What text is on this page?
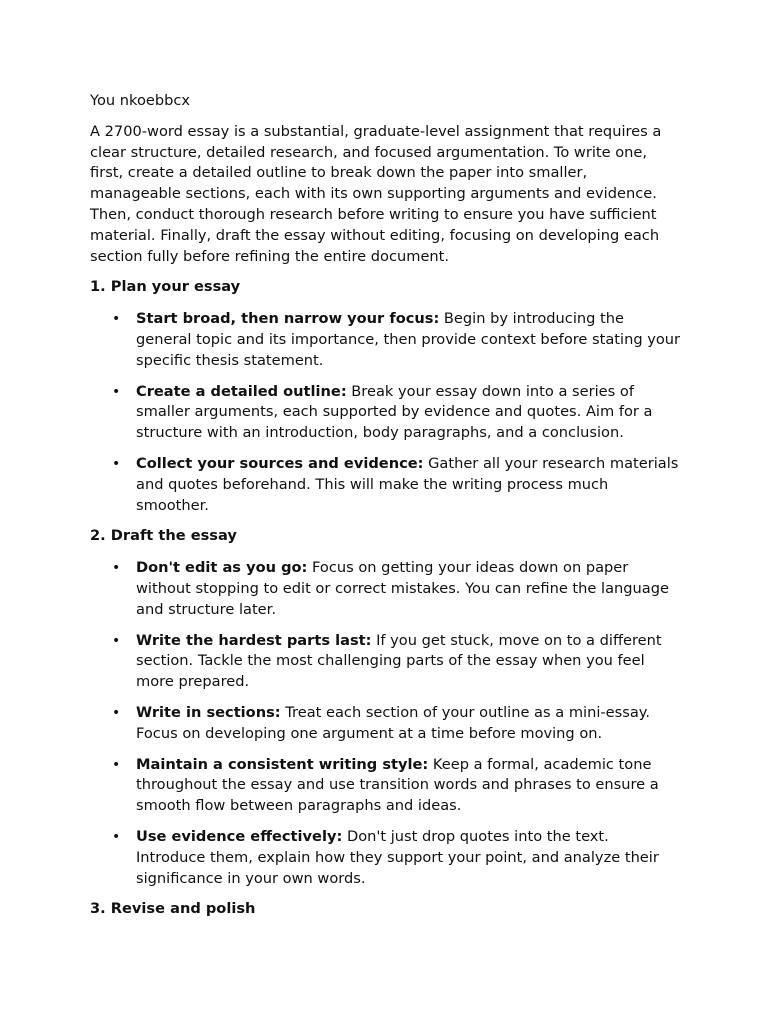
You nkoebbcx

A 2700-word essay is a substantial, graduate-level assignment that requires a clear structure, detailed research, and focused argumentation. To write one, first, create a detailed outline to break down the paper into smaller, manageable sections, each with its own supporting arguments and evidence. Then, conduct thorough research before writing to ensure you have sufficient material. Finally, draft the essay without editing, focusing on developing each section fully before refining the entire document.

1. Plan your essay

• Start broad, then narrow your focus: Begin by introducing the general topic and its importance, then provide context before stating your specific thesis statement.
• Create a detailed outline: Break your essay down into a series of smaller arguments, each supported by evidence and quotes. Aim for a structure with an introduction, body paragraphs, and a conclusion.
• Collect your sources and evidence: Gather all your research materials and quotes beforehand. This will make the writing process much smoother.

2. Draft the essay

• Don't edit as you go: Focus on getting your ideas down on paper without stopping to edit or correct mistakes. You can refine the language and structure later.
• Write the hardest parts last: If you get stuck, move on to a different section. Tackle the most challenging parts of the essay when you feel more prepared.
• Write in sections: Treat each section of your outline as a mini-essay. Focus on developing one argument at a time before moving on.
• Maintain a consistent writing style: Keep a formal, academic tone throughout the essay and use transition words and phrases to ensure a smooth flow between paragraphs and ideas.
• Use evidence effectively: Don't just drop quotes into the text. Introduce them, explain how they support your point, and analyze their significance in your own words.

3. Revise and polish
